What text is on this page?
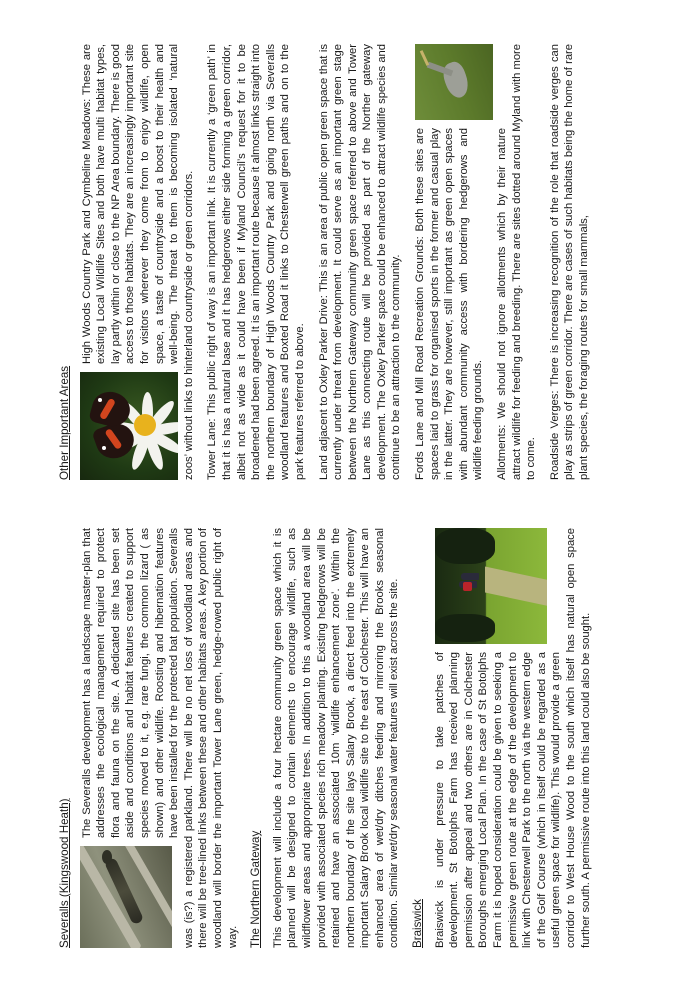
Severalls (Kingswood Heath)

The Severalls development has a landscape master-plan that addresses the ecological management required to protect flora and fauna on the site. A dedicated site has been set aside and conditions and habitat features created to support species moved to it, e.g. rare fungi, the common lizard ( as shown) and other wildlife. Roosting and hibernation features have been installed for the protected bat population. Severalls was (is?) a registered parkland. There will be no net loss of woodland areas and there will be tree-lined links between these and other habitats areas. A key portion of woodland will border the important Tower Lane green, hedge-rowed public right of way. The Northern Gateway This development will include a four hectare community green space which it is planned will be designed to contain elements to encourage wildlife, such as wildflower areas and appropriate trees. In addition to this a woodland area will be provided with associated species rich meadow planting. Existing hedgerows will be retained and have an associated 10m ‘wildlife enhancement zone’. Within the northern boundary of the site lays Salary Brook, a direct feed into the extremely important Salary Brook local wildlife site to the east of Colchester. This will have an enhanced area of wet/dry ditches feeding and mirroring the Brooks seasonal condition. Similar wet/dry seasonal water features will exist across the site. Braiswick Braiswick is under pressure to take patches of development. St Botolphs Farm has received planning permission after appeal and two others are in Colchester Boroughs emerging Local Plan. In the case of St Botolphs Farm it is hoped consideration could be given to seeking a permissive green route at the edge of the development to link with Chesterwell Park to the north via the western edge of the Golf Course (which in itself could be regarded as a useful green space for wildlife). This would provide a green corridor to West House Wood to the south which itself has natural open space further south. A permissive route into this land could also be sought.

Other Important Areas

High Woods Country Park and Cymbeline Meadows: These are existing Local Wildlife Sites and both have multi habitat types, lay partly within or close to the NP Area boundary. There is good access to those habitats. They are an increasingly important site for visitors wherever they come from to enjoy wildlife, open space, a taste of countryside and a boost to their health and well-being. The threat to them is becoming isolated ‘natural zoos’ without links to hinterland countryside or green corridors. Tower Lane: This public right of way is an important link. It is currently a ‘green path’ in that it is has a natural base and it has hedgerows either side forming a green corridor, albeit not as wide as it could have been if Myland Council’s request for it to be broadened had been agreed. It is an important route because it almost links straight into the northern boundary of High Woods Country Park and going north via Severalls woodland features and Boxted Road it links to Chesterwell green paths and on to the park features referred to above. Land adjacent to Oxley Parker Drive: This is an area of public open green space that is currently under threat from development. It could serve as an important green stage between the Northern Gateway community green space referred to above and Tower Lane as this connecting route will be provided as part of the Norther gateway development. The Oxley Parker space could be enhanced to attract wildlife species and continue to be an attraction to the community. Fords Lane and Mill Road Recreation Grounds: Both these sites are spaces laid to grass for organised sports in the former and casual play in the latter. They are however, still important as green open spaces with abundant community access with bordering hedgerows and wildlife feeding grounds. Allotments: We should not ignore allotments which by their nature attract wildlife for feeding and breeding. There are sites dotted around Myland with more to come. Roadside Verges: There is increasing recognition of the role that roadside verges can play as strips of green corridor. There are cases of such habitats being the home of rare plant species, the foraging routes for small mammals,
